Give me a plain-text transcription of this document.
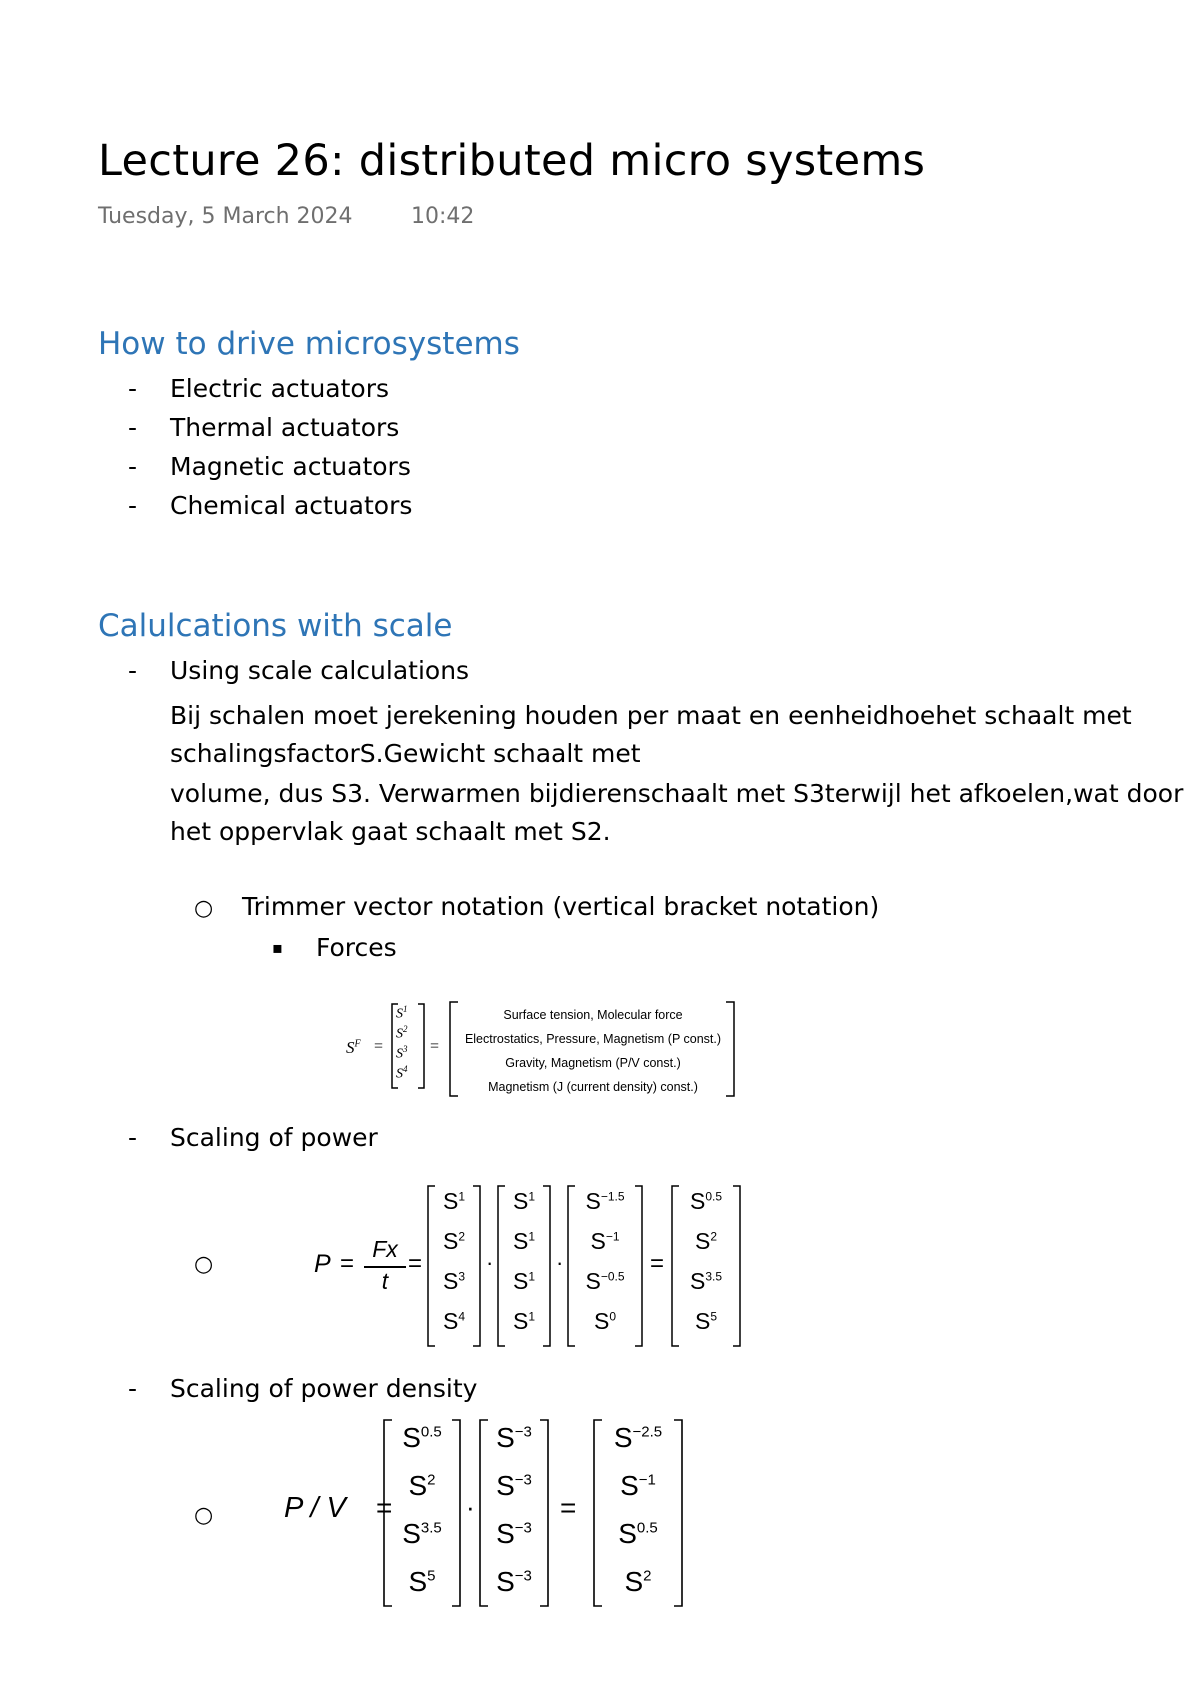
Lecture 26: distributed micro systems
Tuesday, 5 March 2024	10:42
How to drive microsystems
- Electric actuators
- Thermal actuators
- Magnetic actuators
- Chemical actuators
Calulcations with scale
- Using scale calculations
Bij schalen moet jerekening houden per maat en eenheidhoehet schaalt met
schalingsfactorS.Gewicht schaalt met
volume, dus S3. Verwarmen bijdierenschaalt met S3terwijl het afkoelen,wat door
het oppervlak gaat schaalt met S2.
○ Trimmer vector notation (vertical bracket notation)
▪ Forces
$S^F$ =
$S^1$
$S^2$
$S^3$
$S^4$
=
Surface tension, Molecular force
Electrostatics, Pressure, Magnetism (P const.)
Gravity, Magnetism (P/V const.)
Magnetism (J (current density) const.)
- Scaling of power
○	P =
Fx
t
=
$S^1$
$S^2$
$S^3$
$S^4$
·
$S^1$
$S^1$
$S^1$
$S^1$
·
$S^{-1.5}$
$S^{-1}$
$S^{-0.5}$
$S^0$
=
$S^{0.5}$
$S^2$
$S^{3.5}$
$S^5$
- Scaling of power density
○ P / V =
$S^{0.5}$
$S^2$
$S^{3.5}$
$S^5$
·
$S^{-3}$
$S^{-3}$
$S^{-3}$
$S^{-3}$
=
$S^{-2.5}$
$S^{-1}$
$S^{0.5}$
$S^2$
